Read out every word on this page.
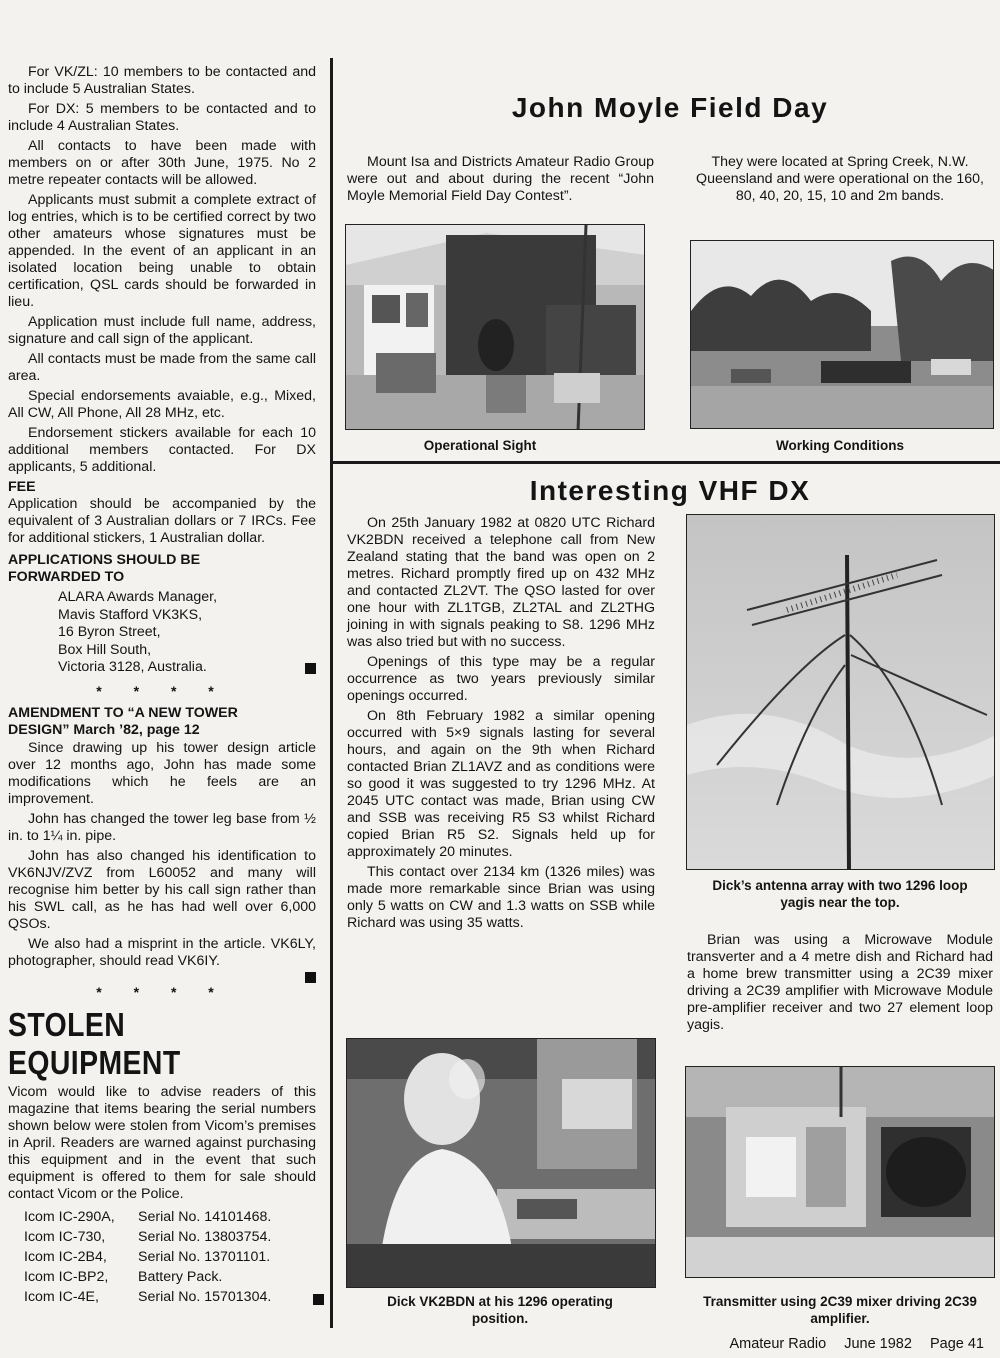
For VK/ZL: 10 members to be contacted and to include 5 Australian States.

For DX: 5 members to be contacted and to include 4 Australian States.

All contacts to have been made with members on or after 30th June, 1975. No 2 metre repeater contacts will be allowed.

Applicants must submit a complete extract of log entries, which is to be certified correct by two other amateurs whose signatures must be appended. In the event of an applicant in an isolated location being unable to obtain certification, QSL cards should be forwarded in lieu.

Application must include full name, address, signature and call sign of the applicant.

All contacts must be made from the same call area.

Special endorsements avaiable, e.g., Mixed, All CW, All Phone, All 28 MHz, etc.

Endorsement stickers available for each 10 additional members contacted. For DX applicants, 5 additional.

FEE

Application should be accompanied by the equivalent of 3 Australian dollars or 7 IRCs. Fee for additional stickers, 1 Australian dollar.

APPLICATIONS SHOULD BE
FORWARDED TO
ALARA Awards Manager,
Mavis Stafford VK3KS,
16 Byron Street,
Box Hill South,
Victoria 3128, Australia.
* * * *
AMENDMENT TO “A NEW TOWER
DESIGN” March ’82, page 12

Since drawing up his tower design article over 12 months ago, John has made some modifications which he feels are an improvement.

John has changed the tower leg base from ½ in. to 1¼ in. pipe.

John has also changed his identification to VK6NJV/ZVZ from L60052 and many will recognise him better by his call sign rather than his SWL call, as he has had well over 6,000 QSOs.

We also had a misprint in the article. VK6LY, photographer, should read VK6IY.

* * * *
STOLEN EQUIPMENT

Vicom would like to advise readers of this magazine that items bearing the serial numbers shown below were stolen from Vicom’s premises in April. Readers are warned against purchasing this equipment and in the event that such equipment is offered to them for sale should contact Vicom or the Police.

Icom IC-290A,	Serial No. 14101468.
Icom IC-730,	Serial No. 13803754.
Icom IC-2B4,	Serial No. 13701101.
Icom IC-BP2,	Battery Pack.
Icom IC-4E,	Serial No. 15701304.
John Moyle Field Day

Mount Isa and Districts Amateur Radio Group were out and about during the recent “John Moyle Memorial Field Day Contest”.

They were located at Spring Creek, N.W. Queensland and were operational on the 160, 80, 40, 20, 15, 10 and 2m bands.

Operational Sight	Working Conditions
Interesting VHF DX

On 25th January 1982 at 0820 UTC Richard VK2BDN received a telephone call from New Zealand stating that the band was open on 2 metres. Richard promptly fired up on 432 MHz and contacted ZL2VT. The QSO lasted for over one hour with ZL1TGB, ZL2TAL and ZL2THG joining in with signals peaking to S8. 1296 MHz was also tried but with no success.

Openings of this type may be a regular occurrence as two years previously similar openings occurred.

On 8th February 1982 a similar opening occurred with 5×9 signals lasting for several hours, and again on the 9th when Richard contacted Brian ZL1AVZ and as conditions were so good it was suggested to try 1296 MHz. At 2045 UTC contact was made, Brian using CW and SSB was receiving R5 S3 whilst Richard copied Brian R5 S2. Signals held up for approximately 20 minutes.

This contact over 2134 km (1326 miles) was made more remarkable since Brian was using only 5 watts on CW and 1.3 watts on SSB while Richard was using 35 watts.

Dick’s antenna array with two 1296 loop
yagis near the top.

Brian was using a Microwave Module transverter and a 4 metre dish and Richard had a home brew transmitter using a 2C39 mixer driving a 2C39 amplifier with Microwave Module pre-amplifier receiver and two 27 element loop yagis.

Dick VK2BDN at his 1296 operating
position.
Transmitter using 2C39 mixer driving 2C39
amplifier.
Amateur Radio June 1982 Page 41
